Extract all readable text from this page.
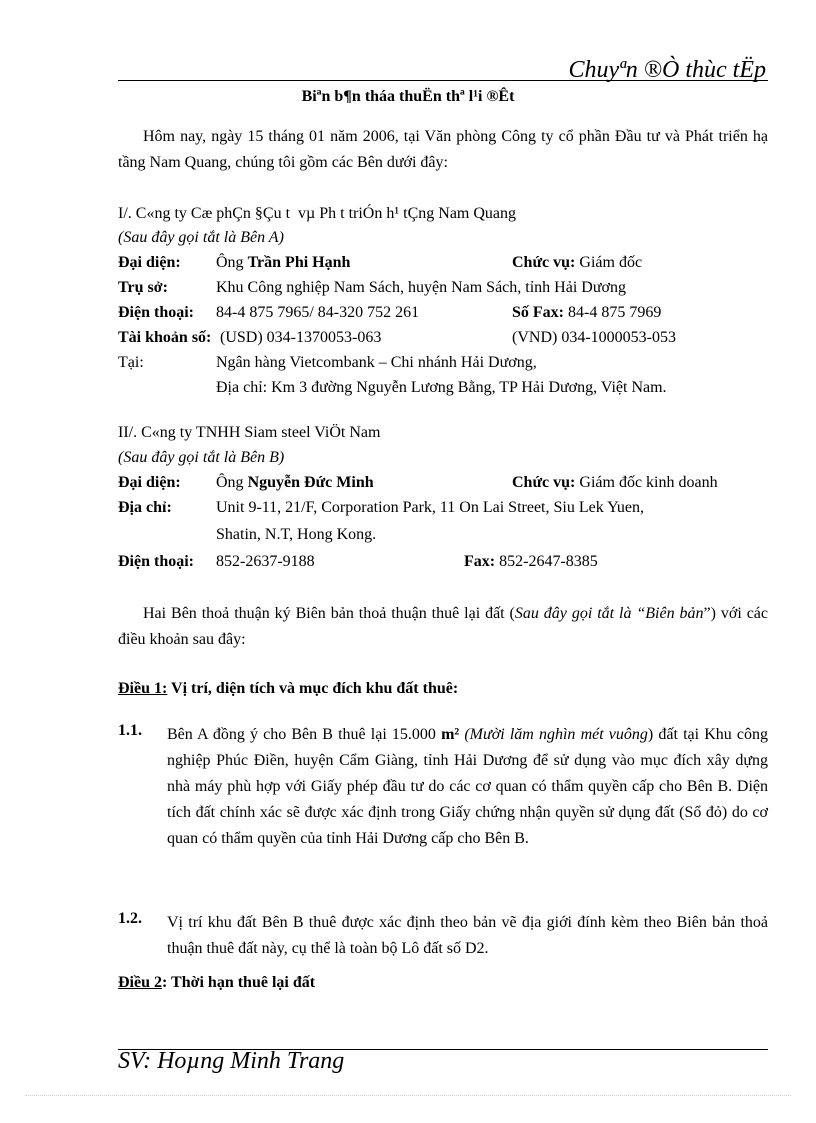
Chuyªn ®Ò thùc tËp
Biªn b¶n tháa thuËn thª l¹i ®Êt
Hôm nay, ngày 15 tháng 01 năm 2006, tại Văn phòng Công ty cổ phần Đầu tư và Phát triển hạ tầng Nam Quang, chúng tôi gồm các Bên dưới đây:
I/. C«ng ty Cæ phÇn §Çu t  vµ Ph t triÓn h¹ tÇng Nam Quang
(Sau đây gọi tắt là Bên A)
Đại diện: Ông Trần Phi Hạnh	Chức vụ: Giám đốc
Trụ sở:	Khu Công nghiệp Nam Sách, huyện Nam Sách, tỉnh Hải Dương
Điện thoại: 84-4 875 7965/ 84-320 752 261	Số Fax: 84-4 875 7969
Tài khoản số: (USD) 034-1370053-063	(VND) 034-1000053-053
Tại:	Ngân hàng Vietcombank – Chi nhánh Hải Dương,
Địa chỉ: Km 3 đường Nguyễn Lương Bằng, TP Hải Dương, Việt Nam.
II/. C«ng ty TNHH Siam steel ViÖt Nam
(Sau đây gọi tắt là Bên B)
Đại diện: Ông Nguyễn Đức Minh	Chức vụ: Giám đốc kinh doanh
Địa chỉ:	Unit 9-11, 21/F, Corporation Park, 11 On Lai Street, Siu Lek Yuen,
Shatin, N.T, Hong Kong.
Điện thoại: 852-2637-9188	Fax: 852-2647-8385
Hai Bên thoả thuận ký Biên bản thoả thuận thuê lại đất (Sau đây gọi tắt là “Biên bản”) với các điều khoản sau đây:
Điều 1: Vị trí, diện tích và mục đích khu đất thuê:
1.1. Bên A đồng ý cho Bên B thuê lại 15.000 m² (Mười lăm nghìn mét vuông) đất tại Khu công nghiệp Phúc Điền, huyện Cẩm Giàng, tỉnh Hải Dương để sử dụng vào mục đích xây dựng nhà máy phù hợp với Giấy phép đầu tư do các cơ quan có thẩm quyền cấp cho Bên B. Diện tích đất chính xác sẽ được xác định trong Giấy chứng nhận quyền sử dụng đất (Sổ đỏ) do cơ quan có thẩm quyền của tỉnh Hải Dương cấp cho Bên B.
1.2. Vị trí khu đất Bên B thuê được xác định theo bản vẽ địa giới đính kèm theo Biên bản thoả thuận thuê đất này, cụ thể là toàn bộ Lô đất số D2.
Điều 2: Thời hạn thuê lại đất
SV: Hoµng Minh Trang
